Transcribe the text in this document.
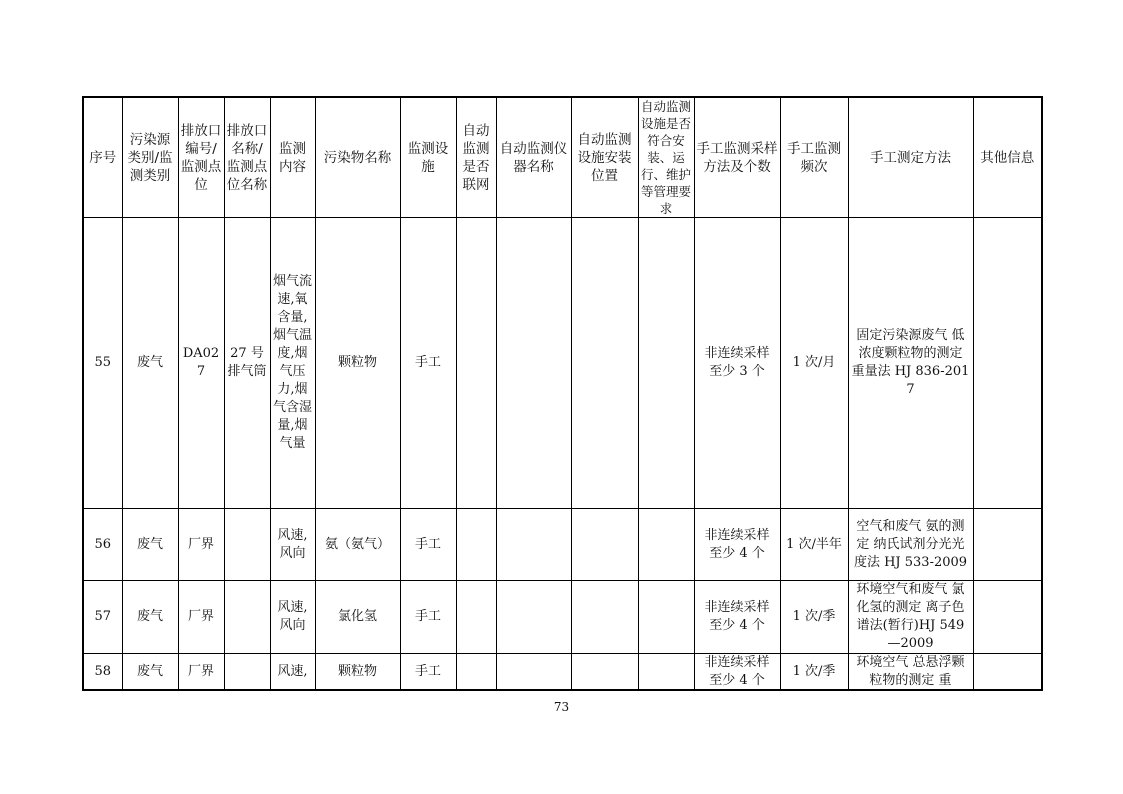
序号	污染源类别/监测类别	排放口编号/监测点位	排放口名称/监测点位名称	监测内容	污染物名称	监测设施	自动监测是否联网	自动监测仪器名称	自动监测设施安装位置	自动监测设施是否符合安装、运行、维护等管理要求	手工监测采样方法及个数	手工监测频次	手工测定方法	其他信息
55	废气	DA027	27 号排气筒	烟气流速,氧含量,烟气温度,烟气压力,烟气含湿量,烟气量	颗粒物	手工					非连续采样 至少 3 个	1 次/月	固定污染源废气 低浓度颗粒物的测定 重量法 HJ 836-2017	
56	废气	厂界		风速,风向	氨（氨气）	手工					非连续采样 至少 4 个	1 次/半年	空气和废气 氨的测定 纳氏试剂分光光度法 HJ 533-2009	
57	废气	厂界		风速,风向	氯化氢	手工					非连续采样 至少 4 个	1 次/季	环境空气和废气 氯化氢的测定 离子色谱法(暂行)HJ 549—2009	
58	废气	厂界		风速,	颗粒物	手工					非连续采样 至少 4 个	1 次/季	环境空气 总悬浮颗粒物的测定 重	

73
